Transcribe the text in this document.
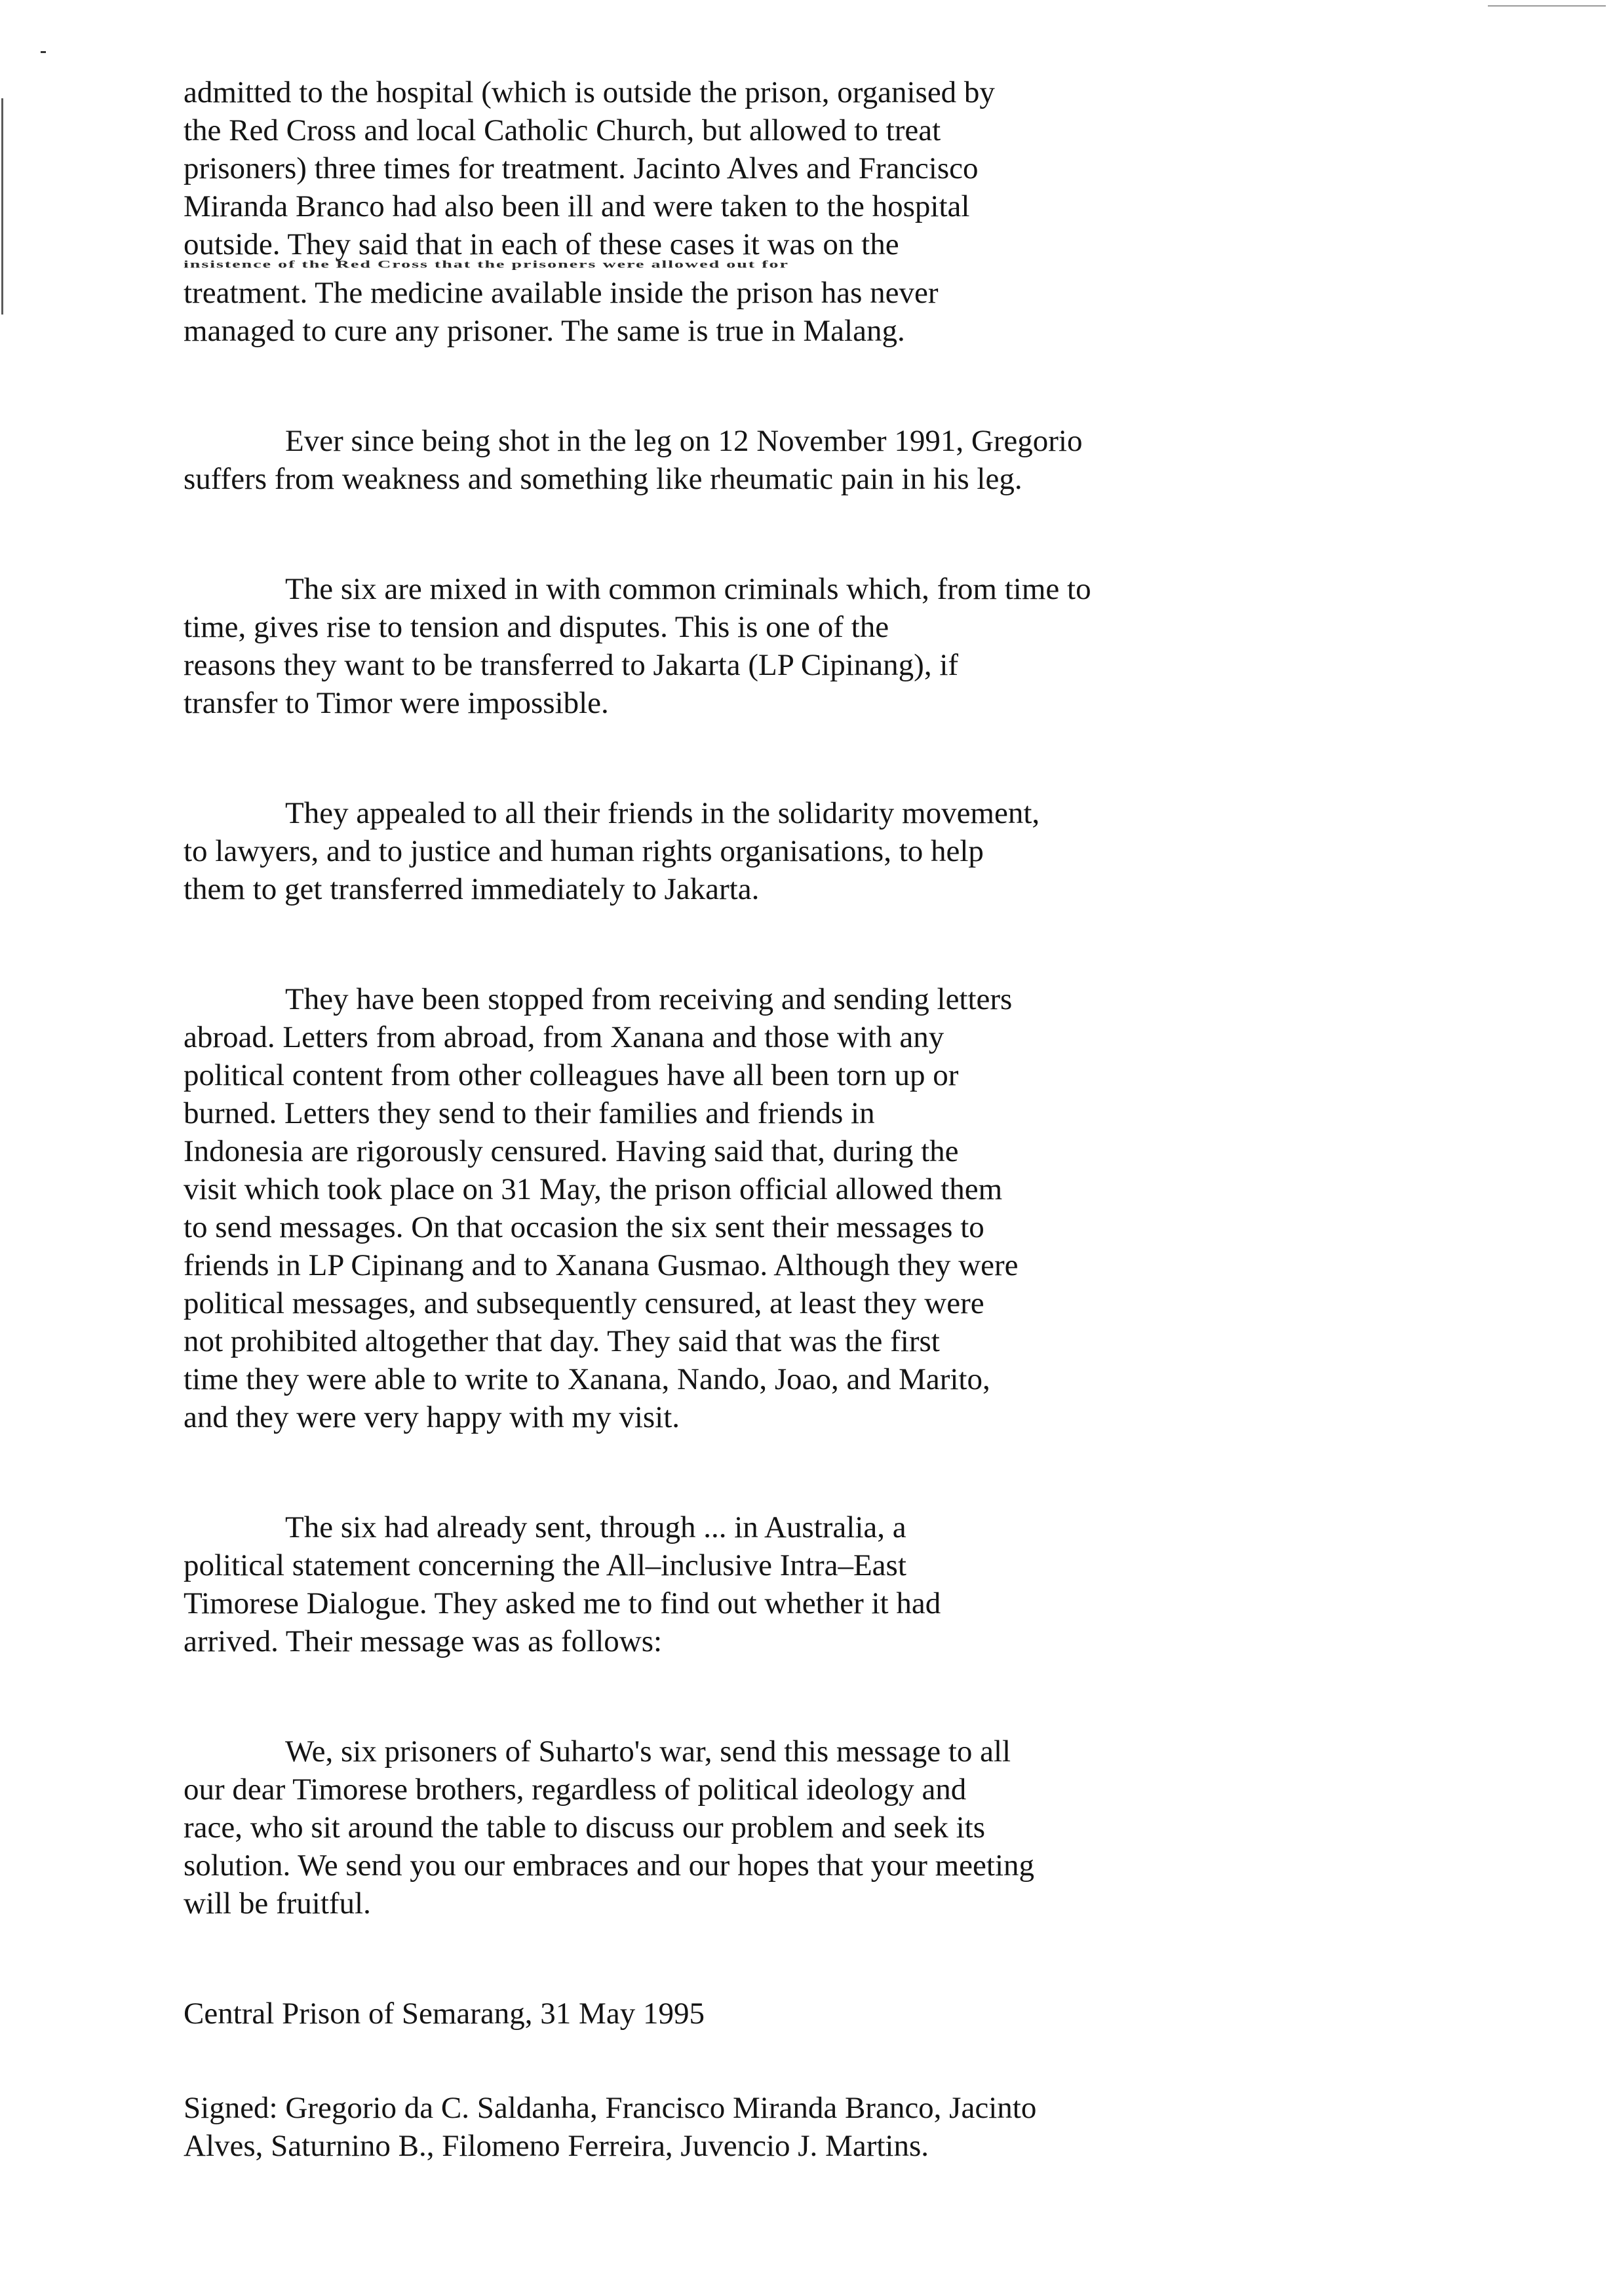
admitted to the hospital (which is outside the prison, organised by
the Red Cross and local Catholic Church, but allowed to treat
prisoners) three times for treatment. Jacinto Alves and Francisco
Miranda Branco had also been ill and were taken to the hospital
outside. They said that in each of these cases it was on the
insistence of the Red Cross that the prisoners were allowed out for
treatment. The medicine available inside the prison has never
managed to cure any prisoner. The same is true in Malang.

Ever since being shot in the leg on 12 November 1991, Gregorio
suffers from weakness and something like rheumatic pain in his leg.

The six are mixed in with common criminals which, from time to
time, gives rise to tension and disputes. This is one of the
reasons they want to be transferred to Jakarta (LP Cipinang), if
transfer to Timor were impossible.

They appealed to all their friends in the solidarity movement,
to lawyers, and to justice and human rights organisations, to help
them to get transferred immediately to Jakarta.

They have been stopped from receiving and sending letters
abroad. Letters from abroad, from Xanana and those with any
political content from other colleagues have all been torn up or
burned. Letters they send to their families and friends in
Indonesia are rigorously censured. Having said that, during the
visit which took place on 31 May, the prison official allowed them
to send messages. On that occasion the six sent their messages to
friends in LP Cipinang and to Xanana Gusmao. Although they were
political messages, and subsequently censured, at least they were
not prohibited altogether that day. They said that was the first
time they were able to write to Xanana, Nando, Joao, and Marito,
and they were very happy with my visit.

The six had already sent, through ... in Australia, a
political statement concerning the All–inclusive Intra–East
Timorese Dialogue. They asked me to find out whether it had
arrived. Their message was as follows:

We, six prisoners of Suharto's war, send this message to all
our dear Timorese brothers, regardless of political ideology and
race, who sit around the table to discuss our problem and seek its
solution. We send you our embraces and our hopes that your meeting
will be fruitful.

Central Prison of Semarang, 31 May 1995

Signed: Gregorio da C. Saldanha, Francisco Miranda Branco, Jacinto
Alves, Saturnino B., Filomeno Ferreira, Juvencio J. Martins.
